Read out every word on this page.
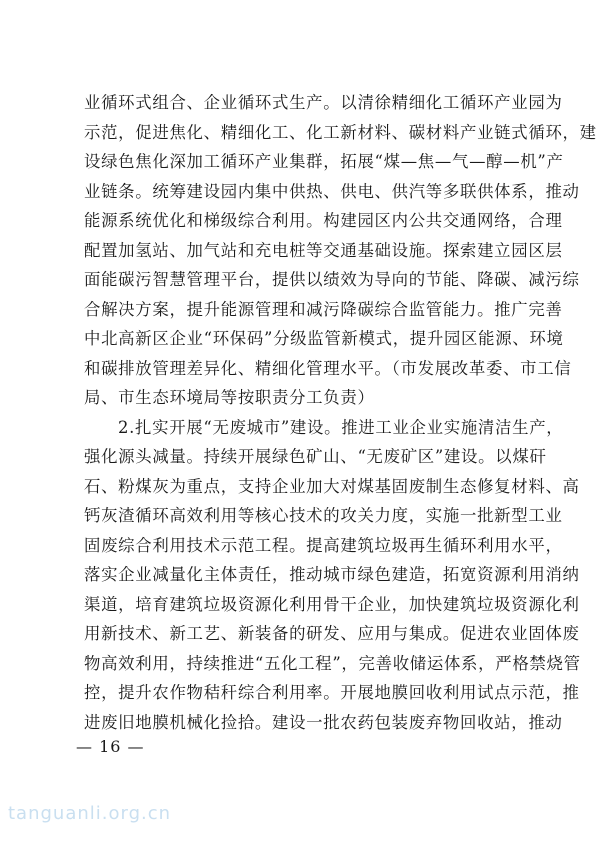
业循环式组合、企业循环式生产。以清徐精细化工循环产业园为
示范，促进焦化、精细化工、化工新材料、碳材料产业链式循环，建
设绿色焦化深加工循环产业集群，拓展“煤—焦—气—醇—机”产
业链条。统筹建设园内集中供热、供电、供汽等多联供体系，推动
能源系统优化和梯级综合利用。构建园区内公共交通网络，合理
配置加氢站、加气站和充电桩等交通基础设施。探索建立园区层
面能碳污智慧管理平台，提供以绩效为导向的节能、降碳、减污综
合解决方案，提升能源管理和减污降碳综合监管能力。推广完善
中北高新区企业“环保码”分级监管新模式，提升园区能源、环境
和碳排放管理差异化、精细化管理水平。（市发展改革委、市工信
局、市生态环境局等按职责分工负责）
2.扎实开展“无废城市”建设。推进工业企业实施清洁生产，
强化源头减量。持续开展绿色矿山、“无废矿区”建设。以煤矸
石、粉煤灰为重点，支持企业加大对煤基固废制生态修复材料、高
钙灰渣循环高效利用等核心技术的攻关力度，实施一批新型工业
固废综合利用技术示范工程。提高建筑垃圾再生循环利用水平，
落实企业减量化主体责任，推动城市绿色建造，拓宽资源利用消纳
渠道，培育建筑垃圾资源化利用骨干企业，加快建筑垃圾资源化利
用新技术、新工艺、新装备的研发、应用与集成。促进农业固体废
物高效利用，持续推进“五化工程”，完善收储运体系，严格禁烧管
控，提升农作物秸秆综合利用率。开展地膜回收利用试点示范，推
进废旧地膜机械化捡拾。建设一批农药包装废弃物回收站，推动
— 16 —
tanguanli.org.cn
